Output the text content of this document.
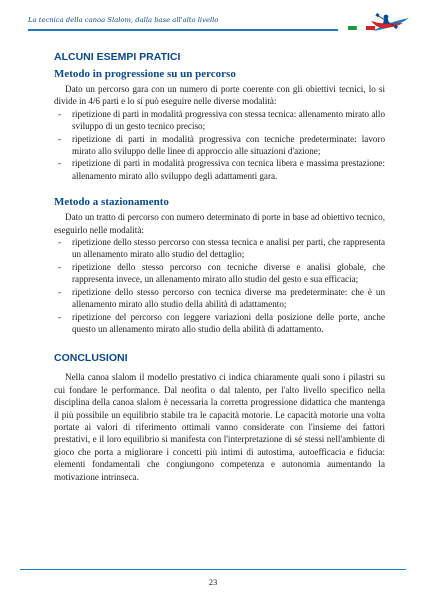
La tecnica della canoa Slalom, dalla base all'alto livello
ALCUNI ESEMPI PRATICI
Metodo in progressione su un percorso

Dato un percorso gara con un numero di porte coerente con gli obiettivi tecnici, lo si divide in 4/6 parti e lo si può eseguire nelle diverse modalità:

- ripetizione di parti in modalità progressiva con stessa tecnica: allenamento mirato allo sviluppo di un gesto tecnico preciso;
- ripetizione di parti in modalità progressiva con tecniche predeterminate: lavoro mirato allo sviluppo delle linee di approccio alle situazioni d'azione;
- ripetizione di parti in modalità progressiva con tecnica libera e massima prestazione: allenamento mirato allo sviluppo degli adattamenti gara.
Metodo a stazionamento

Dato un tratto di percorso con numero determinato di porte in base ad obiettivo tecnico, eseguirlo nelle modalità:

- ripetizione dello stesso percorso con stessa tecnica e analisi per parti, che rappresenta un allenamento mirato allo studio del dettaglio;
- ripetizione dello stesso percorso con tecniche diverse e analisi globale, che rappresenta invece, un allenamento mirato allo studio del gesto e sua efficacia;
- ripetizione dello stesso percorso con tecnica diverse ma predeterminate: che è un allenamento mirato allo studio della abilità di adattamento;
- ripetizione del percorso con leggere variazioni della posizione delle porte, anche questo un allenamento mirato allo studio della abilità di adattamento.
CONCLUSIONI

Nella canoa slalom il modello prestativo ci indica chiaramente quali sono i pilastri su cui fondare le performance. Dal neofita o dal talento, per l'alto livello specifico nella disciplina della canoa slalom è necessaria la corretta progressione didattica che mantenga il più possibile un equilibrio stabile tra le capacità motorie. Le capacità motorie una volta portate ai valori di riferimento ottimali vanno considerate con l'insieme dei fattori prestativi, e il loro equilibrio si manifesta con l'interpretazione di sé stessi nell'ambiente di gioco che porta a migliorare i concetti più intimi di autostima, autoefficacia e fiducia: elementi fondamentali che congiungono competenza e autonomia aumentando la motivazione intrinseca.

23
